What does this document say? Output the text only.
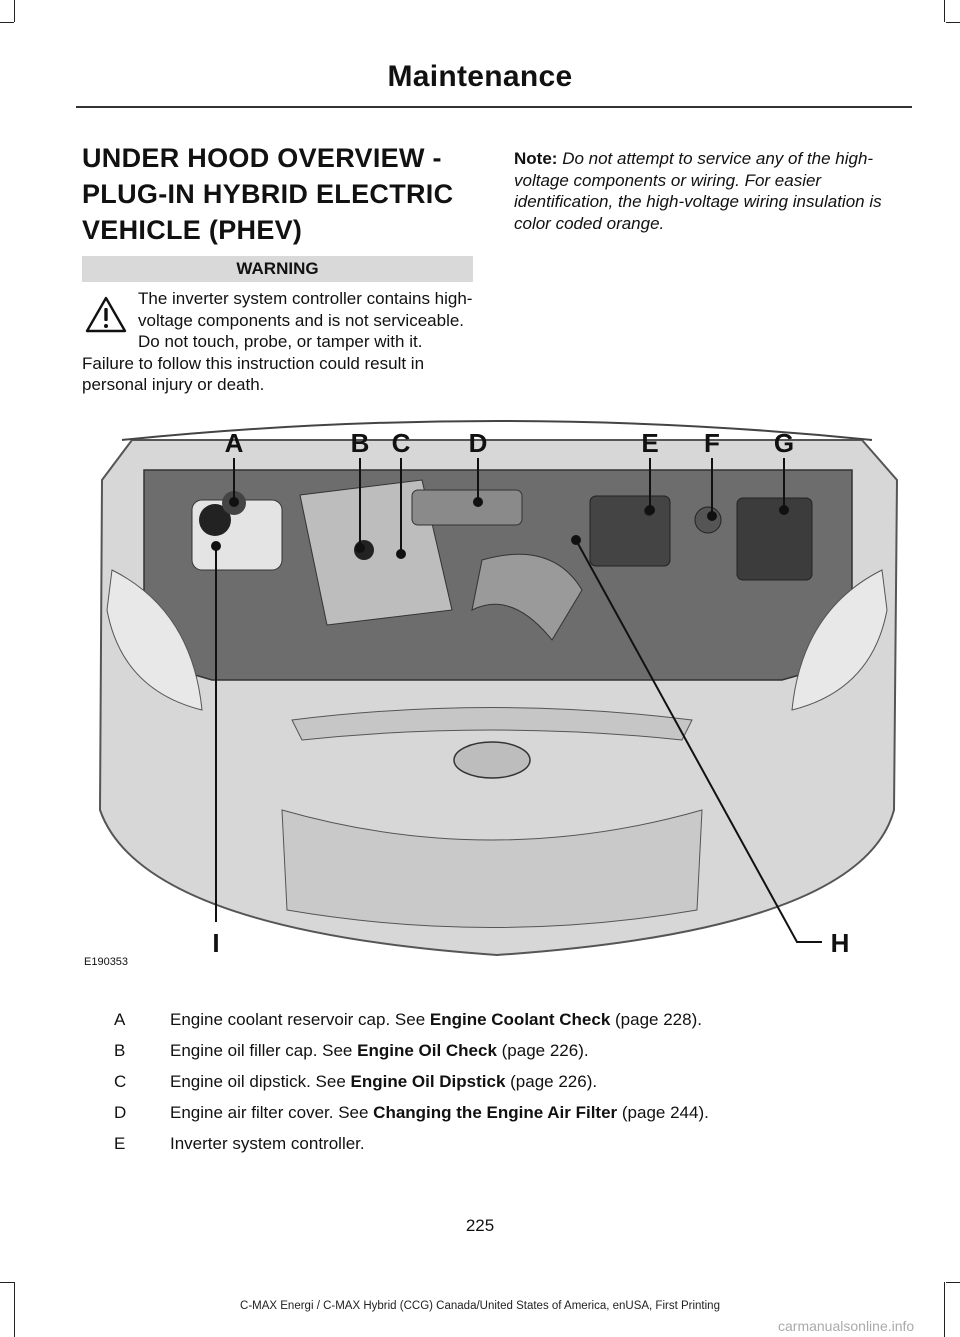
Maintenance
UNDER HOOD OVERVIEW -
PLUG-IN HYBRID ELECTRIC
VEHICLE (PHEV)
WARNING
The inverter system controller contains high-voltage components and is not serviceable. Do not touch, probe, or tamper with it. Failure to follow this instruction could result in personal injury or death.
Note: Do not attempt to service any of the high-voltage components or wiring. For easier identification, the high-voltage wiring insulation is color coded orange.
A	B C D	E F G
H
I
E190353
A	Engine coolant reservoir cap. See Engine Coolant Check (page 228).
B	Engine oil filler cap. See Engine Oil Check (page 226).
C	Engine oil dipstick. See Engine Oil Dipstick (page 226).
D	Engine air filter cover. See Changing the Engine Air Filter (page 244).
E	Inverter system controller.
225
C-MAX Energi / C-MAX Hybrid (CCG) Canada/United States of America, enUSA, First Printing
carmanualsonline.info
